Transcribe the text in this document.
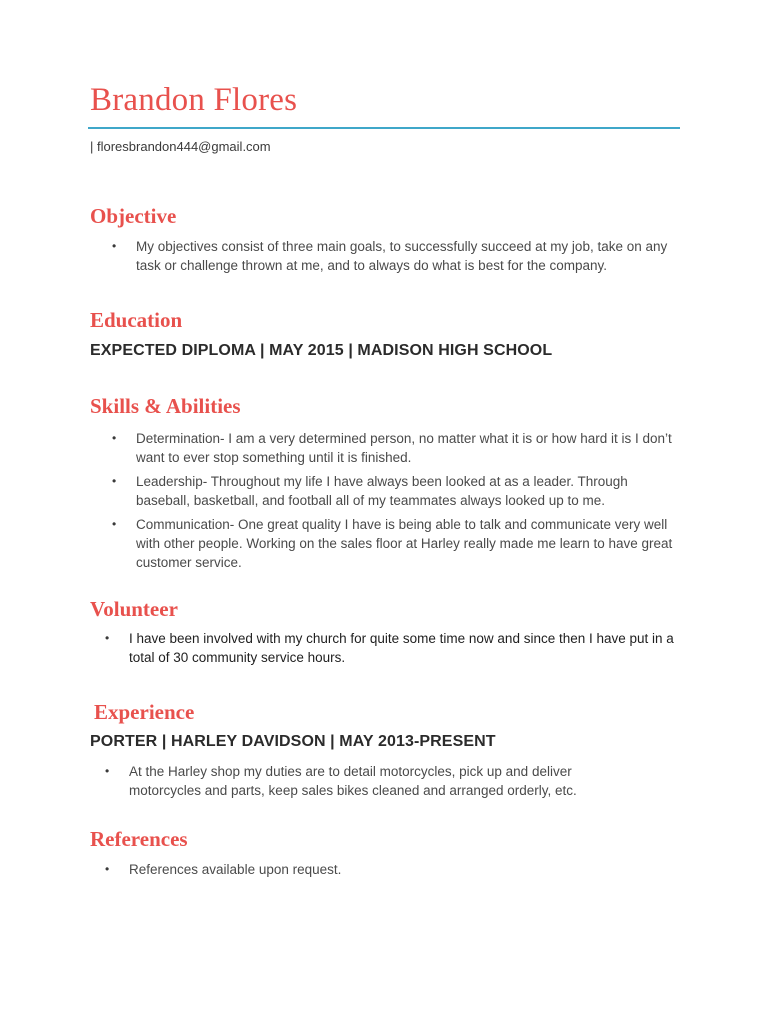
Brandon Flores
| floresbrandon444@gmail.com
Objective
• My objectives consist of three main goals, to successfully succeed at my job, take on any task or challenge thrown at me, and to always do what is best for the company.
Education
EXPECTED DIPLOMA | MAY 2015 | MADISON HIGH SCHOOL
Skills & Abilities
• Determination- I am a very determined person, no matter what it is or how hard it is I don’t want to ever stop something until it is finished.
• Leadership- Throughout my life I have always been looked at as a leader. Through baseball, basketball, and football all of my teammates always looked up to me.
• Communication- One great quality I have is being able to talk and communicate very well with other people. Working on the sales floor at Harley really made me learn to have great customer service.
Volunteer
• I have been involved with my church for quite some time now and since then I have put in a total of 30 community service hours.
Experience
PORTER | HARLEY DAVIDSON | MAY 2013-PRESENT
• At the Harley shop my duties are to detail motorcycles, pick up and deliver motorcycles and parts, keep sales bikes cleaned and arranged orderly, etc.
References
• References available upon request.
